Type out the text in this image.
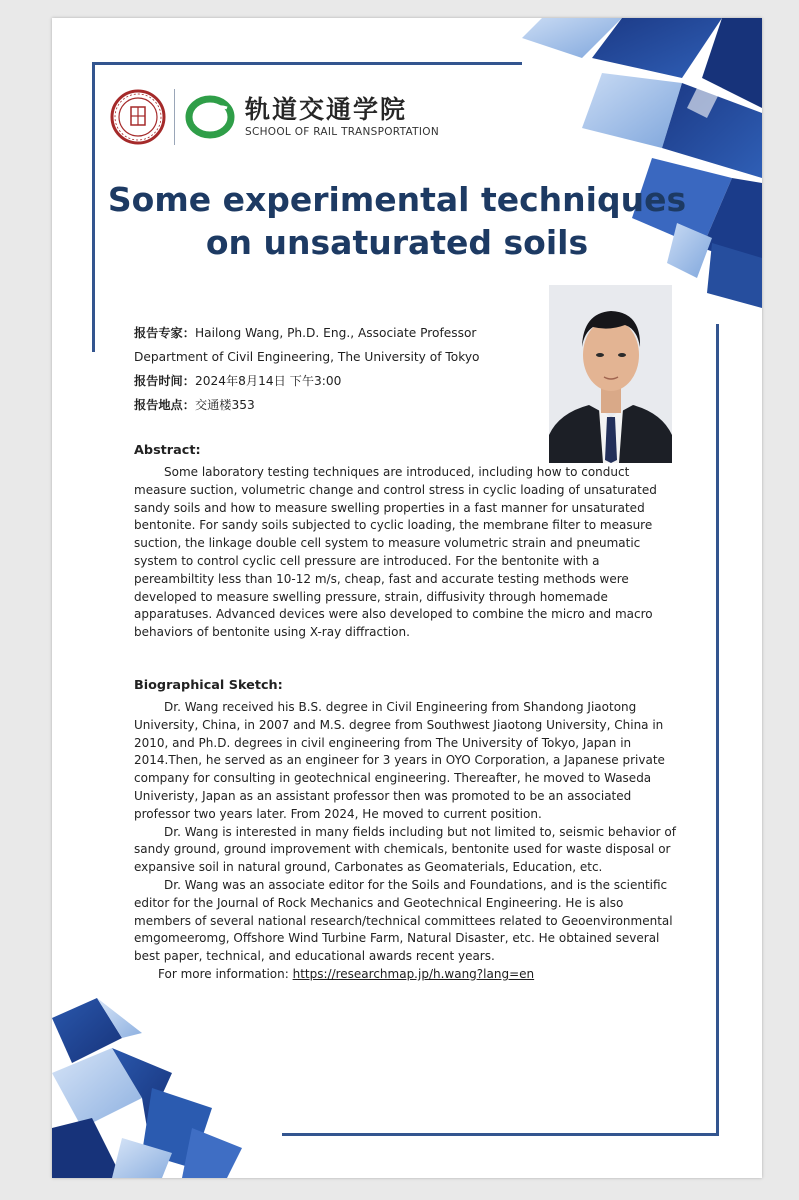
轨道交通学院
SCHOOL OF RAIL TRANSPORTATION
Some experimental techniques
on unsaturated soils
报告专家：Hailong Wang, Ph.D. Eng., Associate Professor
Department of Civil Engineering, The University of Tokyo
报告时间：2024年8月14日 下午3:00
报告地点：交通楼353
Abstract:

Some laboratory testing techniques are introduced, including how to conduct measure suction, volumetric change and control stress in cyclic loading of unsaturated sandy soils and how to measure swelling properties in a fast manner for unsaturated bentonite. For sandy soils subjected to cyclic loading, the membrane filter to measure suction, the linkage double cell system to measure volumetric strain and pneumatic system to control cyclic cell pressure are introduced. For the bentonite with a pereambiltity less than 10-12 m/s, cheap, fast and accurate testing methods were developed to measure swelling pressure, strain, diffusivity through homemade apparatuses. Advanced devices were also developed to combine the micro and macro behaviors of bentonite using X-ray diffraction.

Biographical Sketch:

Dr. Wang received his B.S. degree in Civil Engineering from Shandong Jiaotong University, China, in 2007 and M.S. degree from Southwest Jiaotong University, China in 2010, and Ph.D. degrees in civil engineering from The University of Tokyo, Japan in 2014.Then, he served as an engineer for 3 years in OYO Corporation, a Japanese private company for consulting in geotechnical engineering. Thereafter, he moved to Waseda Univeristy, Japan as an assistant professor then was promoted to be an associated professor two years later. From 2024, He moved to current position.

Dr. Wang is interested in many fields including but not limited to, seismic behavior of sandy ground, ground improvement with chemicals, bentonite used for waste disposal or expansive soil in natural ground, Carbonates as Geomaterials, Education, etc.

Dr. Wang was an associate editor for the Soils and Foundations, and is the scientific editor for the Journal of Rock Mechanics and Geotechnical Engineering. He is also members of several national research/technical committees related to Geoenvironmental emgomeeromg, Offshore Wind Turbine Farm, Natural Disaster, etc. He obtained several best paper, technical, and educational awards recent years.

For more information: https://researchmap.jp/h.wang?lang=en
